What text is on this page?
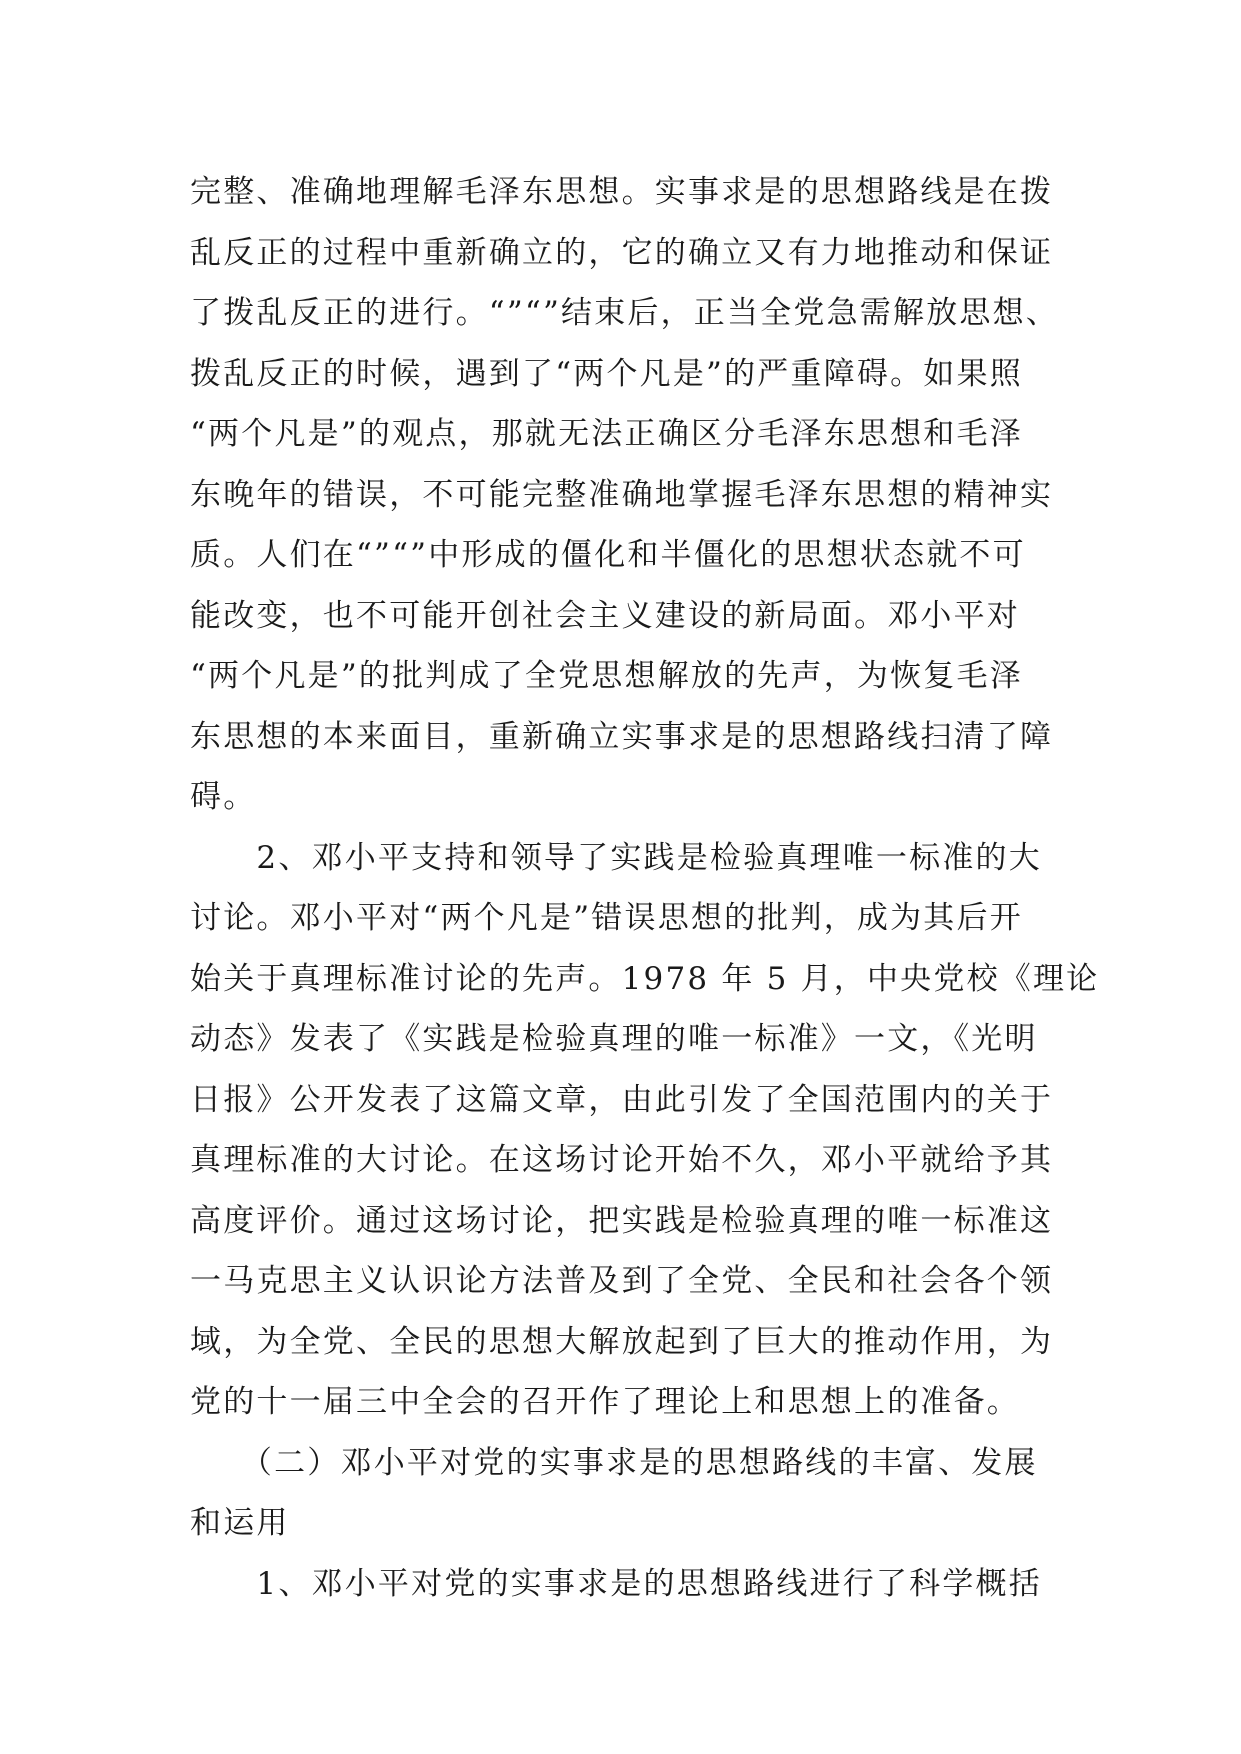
完整、准确地理解毛泽东思想。实事求是的思想路线是在拨
乱反正的过程中重新确立的，它的确立又有力地推动和保证
了拨乱反正的进行。“”“”结束后，正当全党急需解放思想、
拨乱反正的时候，遇到了“两个凡是”的严重障碍。如果照
“两个凡是”的观点，那就无法正确区分毛泽东思想和毛泽
东晚年的错误，不可能完整准确地掌握毛泽东思想的精神实
质。人们在“”“”中形成的僵化和半僵化的思想状态就不可
能改变，也不可能开创社会主义建设的新局面。邓小平对
“两个凡是”的批判成了全党思想解放的先声，为恢复毛泽
东思想的本来面目，重新确立实事求是的思想路线扫清了障
碍。
　　2、邓小平支持和领导了实践是检验真理唯一标准的大
讨论。邓小平对“两个凡是”错误思想的批判，成为其后开
始关于真理标准讨论的先声。1978 年 5 月，中央党校《理论
动态》发表了《实践是检验真理的唯一标准》一文，《光明
日报》公开发表了这篇文章，由此引发了全国范围内的关于
真理标准的大讨论。在这场讨论开始不久，邓小平就给予其
高度评价。通过这场讨论，把实践是检验真理的唯一标准这
一马克思主义认识论方法普及到了全党、全民和社会各个领
域，为全党、全民的思想大解放起到了巨大的推动作用，为
党的十一届三中全会的召开作了理论上和思想上的准备。
　　（二）邓小平对党的实事求是的思想路线的丰富、发展
和运用
　　1、邓小平对党的实事求是的思想路线进行了科学概括
